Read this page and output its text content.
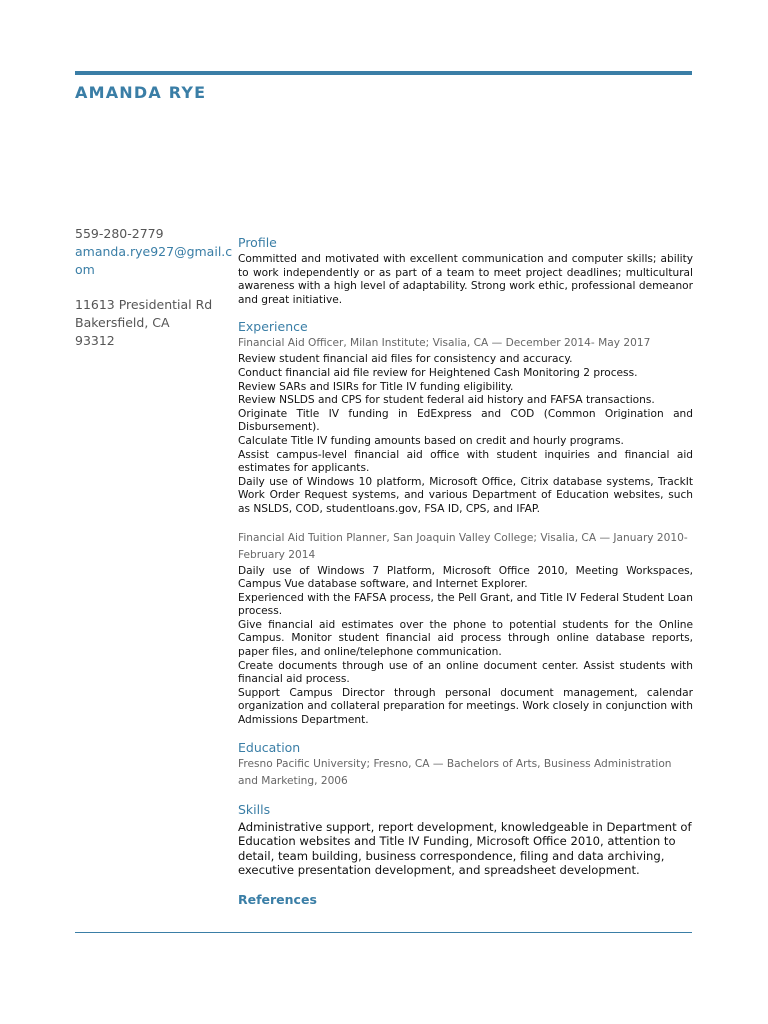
AMANDA RYE
559-280-2779
amanda.rye927@gmail.com
11613 Presidential Rd
Bakersfield, CA
93312
Profile
Committed and motivated with excellent communication and computer skills; ability to work independently or as part of a team to meet project deadlines; multicultural awareness with a high level of adaptability. Strong work ethic, professional demeanor and great initiative.
Experience
Financial Aid Officer, Milan Institute; Visalia, CA — December 2014- May 2017
Review student financial aid files for consistency and accuracy.
Conduct financial aid file review for Heightened Cash Monitoring 2 process.
Review SARs and ISIRs for Title IV funding eligibility.
Review NSLDS and CPS for student federal aid history and FAFSA transactions.
Originate Title IV funding in EdExpress and COD (Common Origination and Disbursement).
Calculate Title IV funding amounts based on credit and hourly programs.
Assist campus-level financial aid office with student inquiries and financial aid estimates for applicants.
Daily use of Windows 10 platform, Microsoft Office, Citrix database systems, TrackIt Work Order Request systems, and various Department of Education websites, such as NSLDS, COD, studentloans.gov, FSA ID, CPS, and IFAP.
Financial Aid Tuition Planner, San Joaquin Valley College; Visalia, CA — January 2010-February 2014
Daily use of Windows 7 Platform, Microsoft Office 2010, Meeting Workspaces, Campus Vue database software, and Internet Explorer.
Experienced with the FAFSA process, the Pell Grant, and Title IV Federal Student Loan process.
Give financial aid estimates over the phone to potential students for the Online Campus. Monitor student financial aid process through online database reports, paper files, and online/telephone communication.
Create documents through use of an online document center. Assist students with financial aid process.
Support Campus Director through personal document management, calendar organization and collateral preparation for meetings. Work closely in conjunction with Admissions Department.
Education
Fresno Pacific University; Fresno, CA — Bachelors of Arts, Business Administration and Marketing, 2006
Skills
Administrative support, report development, knowledgeable in Department of Education websites and Title IV Funding, Microsoft Office 2010, attention to detail, team building, business correspondence, filing and data archiving, executive presentation development, and spreadsheet development.
References
